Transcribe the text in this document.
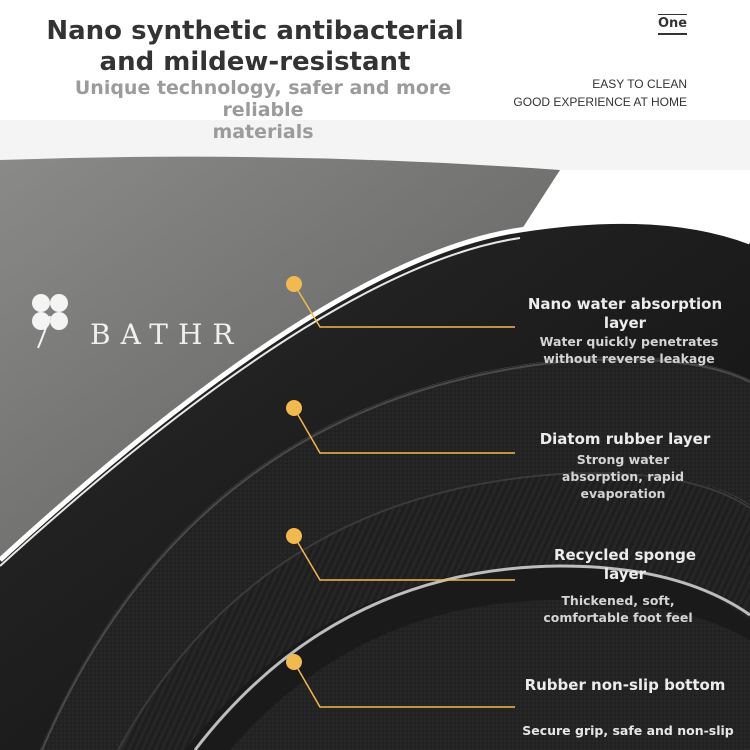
Nano synthetic antibacterial
and mildew-resistant
Unique technology, safer and more reliable
materials
One
EASY TO CLEAN
GOOD EXPERIENCE AT HOME
BATHR
Nano water absorption layer
Water quickly penetrates without reverse leakage
Diatom rubber layer
Strong water absorption, rapid evaporation
Recycled sponge layer
Thickened, soft, comfortable foot feel
Rubber non-slip bottom
Secure grip, safe and non-slip
